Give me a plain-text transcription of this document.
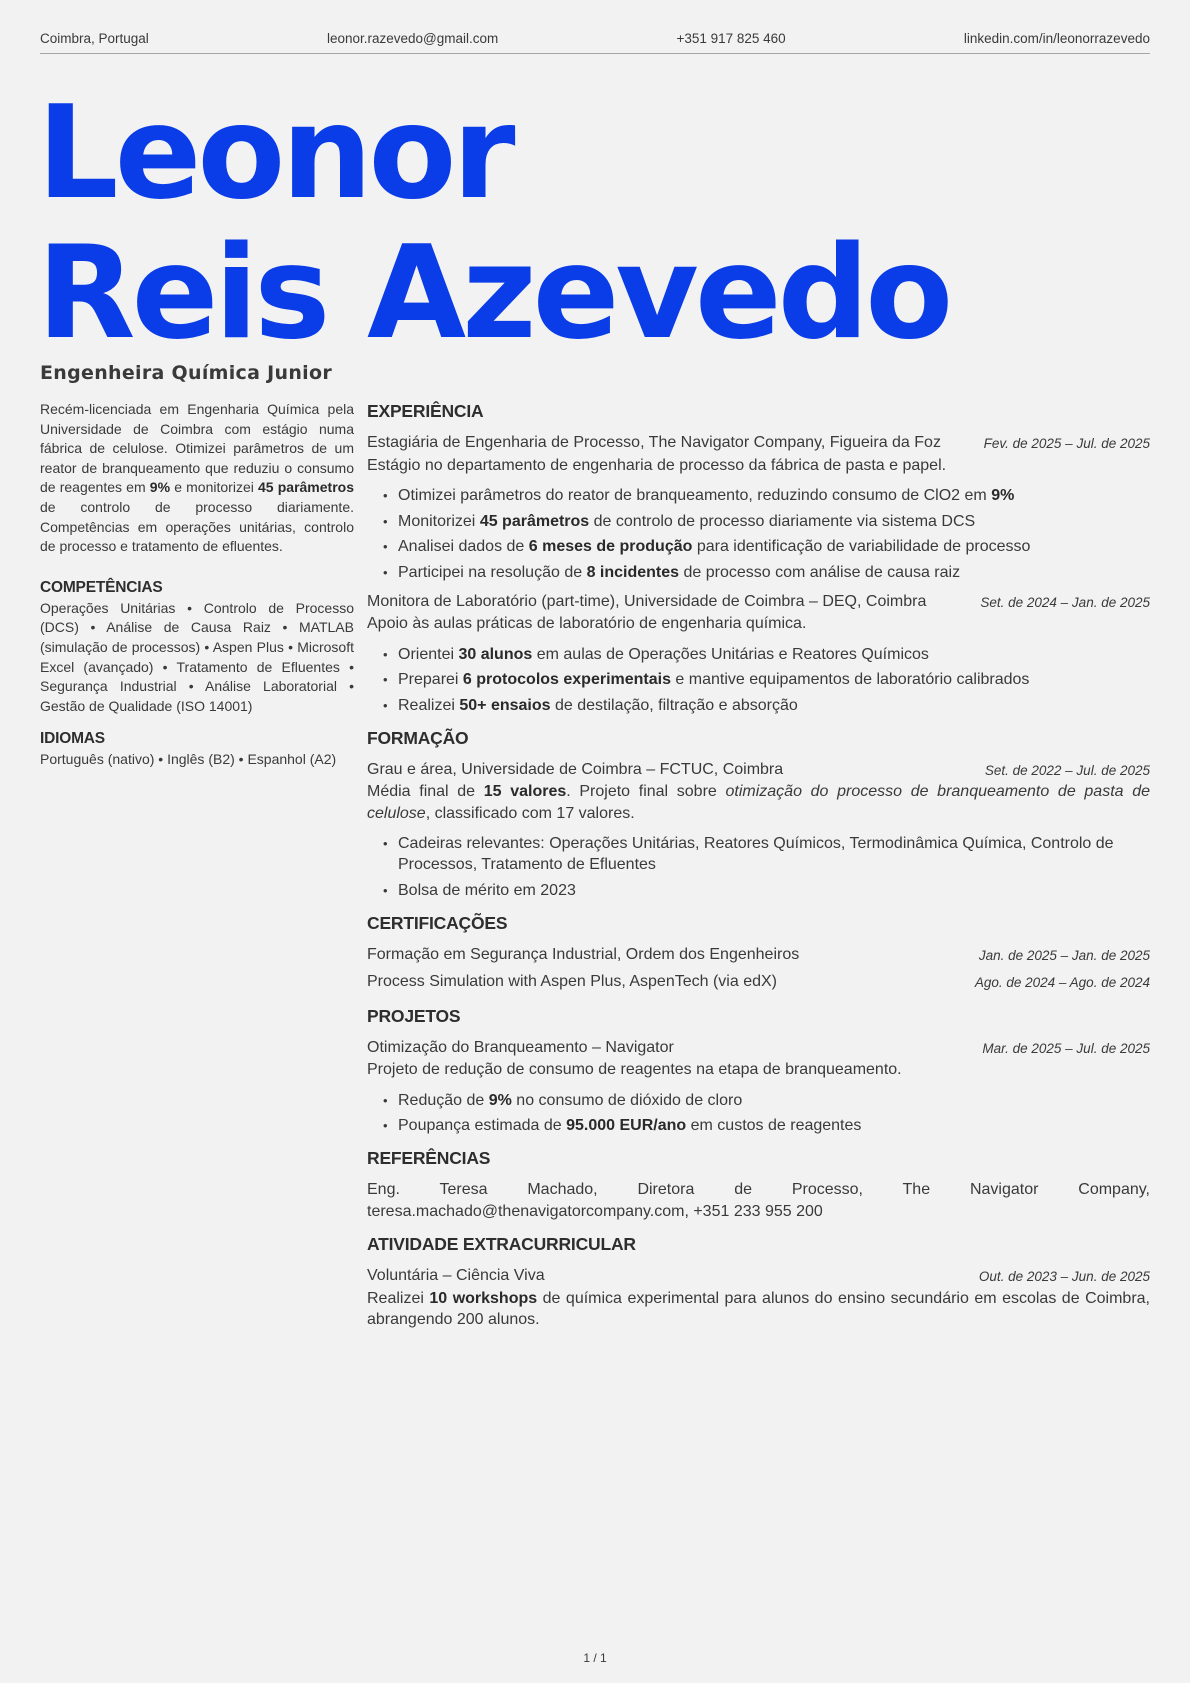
Coimbra, Portugal	leonor.razevedo@gmail.com	+351 917 825 460	linkedin.com/in/leonorrazevedo
Leonor
Reis Azevedo
Engenheira Química Junior

Recém-licenciada em Engenharia Química pela Universidade de Coimbra com estágio numa fábrica de celulose. Otimizei parâmetros de um reator de branqueamento que reduziu o consumo de reagentes em 9% e monitorizei 45 parâmetros de controlo de processo diariamente. Competências em operações unitárias, controlo de processo e tratamento de efluentes.

COMPETÊNCIAS
Operações Unitárias • Controlo de Processo (DCS) • Análise de Causa Raiz • MATLAB (simulação de processos) • Aspen Plus • Microsoft Excel (avançado) • Tratamento de Efluentes • Segurança Industrial • Análise Laboratorial • Gestão de Qualidade (ISO 14001)
IDIOMAS
Português (nativo) • Inglês (B2) • Espanhol (A2)
EXPERIÊNCIA
Estagiária de Engenharia de Processo, The Navigator Company, Figueira da Foz	Fev. de 2025 – Jul. de 2025
Estágio no departamento de engenharia de processo da fábrica de pasta e papel.
• Otimizei parâmetros do reator de branqueamento, reduzindo consumo de ClO2 em 9%
• Monitorizei 45 parâmetros de controlo de processo diariamente via sistema DCS
• Analisei dados de 6 meses de produção para identificação de variabilidade de processo
• Participei na resolução de 8 incidentes de processo com análise de causa raiz
Monitora de Laboratório (part-time), Universidade de Coimbra – DEQ, Coimbra	Set. de 2024 – Jan. de 2025
Apoio às aulas práticas de laboratório de engenharia química.
• Orientei 30 alunos em aulas de Operações Unitárias e Reatores Químicos
• Preparei 6 protocolos experimentais e mantive equipamentos de laboratório calibrados
• Realizei 50+ ensaios de destilação, filtração e absorção
FORMAÇÃO
Grau e área, Universidade de Coimbra – FCTUC, Coimbra	Set. de 2022 – Jul. de 2025
Média final de 15 valores. Projeto final sobre otimização do processo de branqueamento de pasta de celulose, classificado com 17 valores.
• Cadeiras relevantes: Operações Unitárias, Reatores Químicos, Termodinâmica Química, Controlo de Processos, Tratamento de Efluentes
• Bolsa de mérito em 2023
CERTIFICAÇÕES
Formação em Segurança Industrial, Ordem dos Engenheiros	Jan. de 2025 – Jan. de 2025
Process Simulation with Aspen Plus, AspenTech (via edX)	Ago. de 2024 – Ago. de 2024
PROJETOS
Otimização do Branqueamento – Navigator	Mar. de 2025 – Jul. de 2025
Projeto de redução de consumo de reagentes na etapa de branqueamento.
• Redução de 9% no consumo de dióxido de cloro
• Poupança estimada de 95.000 EUR/ano em custos de reagentes
REFERÊNCIAS
Eng. Teresa Machado, Diretora de Processo, The Navigator Company, teresa.machado@thenavigatorcompany.com, +351 233 955 200
ATIVIDADE EXTRACURRICULAR
Voluntária – Ciência Viva	Out. de 2023 – Jun. de 2025
Realizei 10 workshops de química experimental para alunos do ensino secundário em escolas de Coimbra, abrangendo 200 alunos.
1 / 1
